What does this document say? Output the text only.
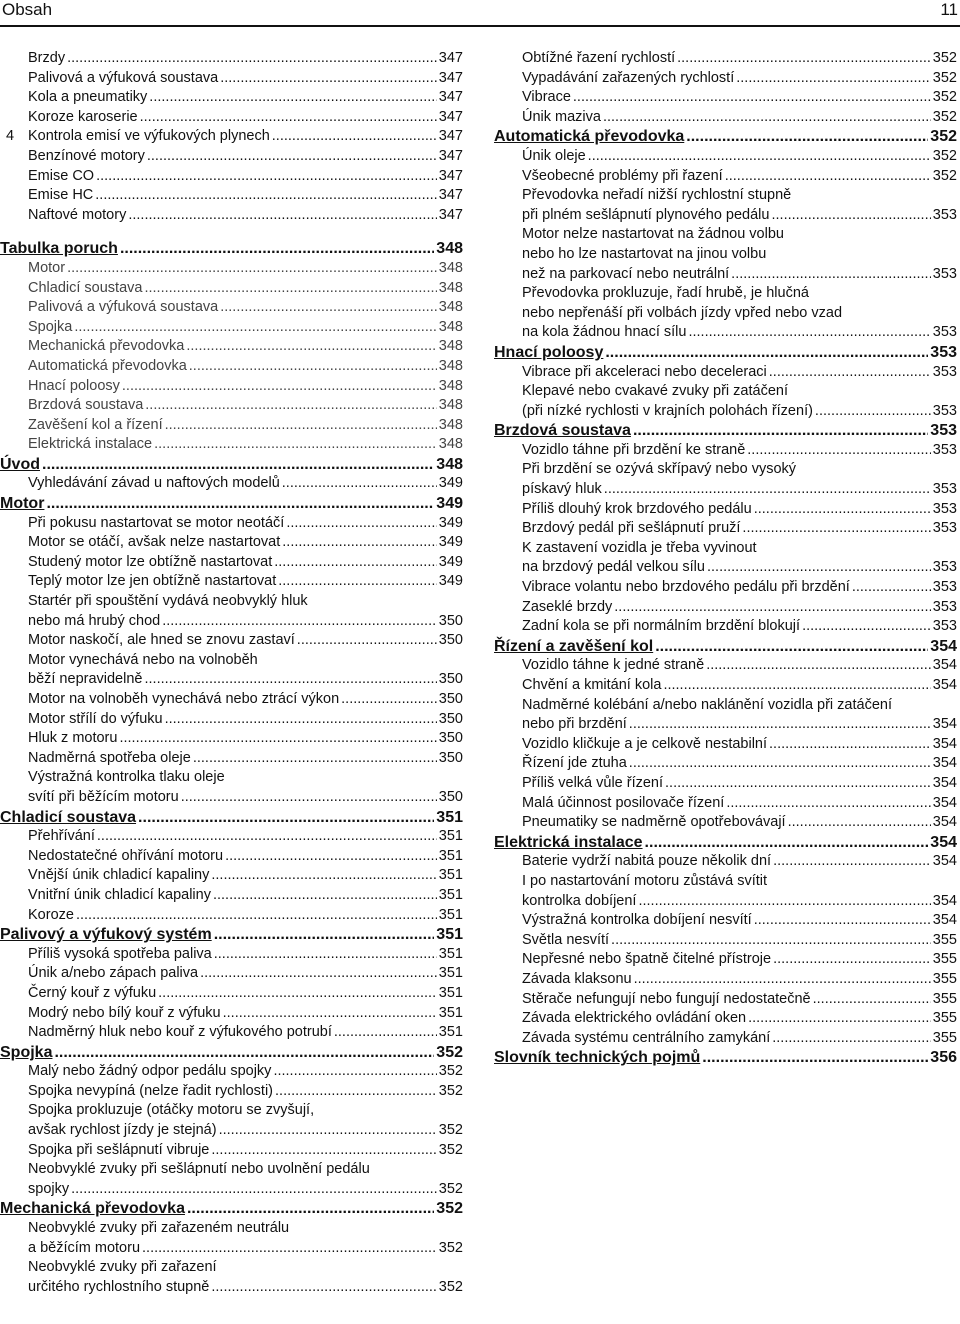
Obsah	11
Brzdy .....	347
Palivová a výfuková soustava .....	347
Kola a pneumatiky .....	347
Koroze karoserie .....	347
4 Kontrola emisí ve výfukových plynech .....	347
Benzínové motory .....	347
Emise CO .....	347
Emise HC .....	347
Naftové motory .....	347
Tabulka poruch .....	348
Motor .....	348
Chladicí soustava .....	348
Palivová a výfuková soustava .....	348
Spojka .....	348
Mechanická převodovka .....	348
Automatická převodovka .....	348
Hnací poloosy .....	348
Brzdová soustava .....	348
Zavěšení kol a řízení .....	348
Elektrická instalace .....	348
Úvod .....	348
Vyhledávání závad u naftových modelů .....	349
Motor .....	349
Při pokusu nastartovat se motor neotáčí .....	349
Motor se otáčí, avšak nelze nastartovat .....	349
Studený motor lze obtížně nastartovat .....	349
Teplý motor lze jen obtížně nastartovat .....	349
Startér při spouštění vydává neobvyklý hluk
nebo má hrubý chod .....	350
Motor naskočí, ale hned se znovu zastaví .....	350
Motor vynechává nebo na volnoběh
běží nepravidelně .....	350
Motor na volnoběh vynechává nebo ztrácí výkon .....	350
Motor střílí do výfuku .....	350
Hluk z motoru .....	350
Nadměrná spotřeba oleje .....	350
Výstražná kontrolka tlaku oleje
svítí při běžícím motoru .....	350
Chladicí soustava .....	351
Přehřívání .....	351
Nedostatečné ohřívání motoru .....	351
Vnější únik chladicí kapaliny .....	351
Vnitřní únik chladicí kapaliny .....	351
Koroze .....	351
Palivový a výfukový systém .....	351
Příliš vysoká spotřeba paliva .....	351
Únik a/nebo zápach paliva .....	351
Černý kouř z výfuku .....	351
Modrý nebo bílý kouř z výfuku .....	351
Nadměrný hluk nebo kouř z výfukového potrubí .....	351
Spojka .....	352
Malý nebo žádný odpor pedálu spojky .....	352
Spojka nevypíná (nelze řadit rychlosti) .....	352
Spojka prokluzuje (otáčky motoru se zvyšují,
avšak rychlost jízdy je stejná) .....	352
Spojka při sešlápnutí vibruje .....	352
Neobvyklé zvuky při sešlápnutí nebo uvolnění pedálu
spojky .....	352
Mechanická převodovka .....	352
Neobvyklé zvuky při zařazeném neutrálu
a běžícím motoru .....	352
Neobvyklé zvuky při zařazení
určitého rychlostního stupně .....	352
Obtížné řazení rychlostí .....	352
Vypadávání zařazených rychlostí .....	352
Vibrace .....	352
Únik maziva .....	352
Automatická převodovka .....	352
Únik oleje .....	352
Všeobecné problémy při řazení .....	352
Převodovka neřadí nižší rychlostní stupně
při plném sešlápnutí plynového pedálu .....	353
Motor nelze nastartovat na žádnou volbu
nebo ho lze nastartovat na jinou volbu
než na parkovací nebo neutrální .....	353
Převodovka prokluzuje, řadí hrubě, je hlučná
nebo nepřenáší při volbách jízdy vpřed nebo vzad
na kola žádnou hnací sílu .....	353
Hnací poloosy .....	353
Vibrace při akceleraci nebo deceleraci .....	353
Klepavé nebo cvakavé zvuky při zatáčení
(při nízké rychlosti v krajních polohách řízení) .....	353
Brzdová soustava .....	353
Vozidlo táhne při brzdění ke straně .....	353
Při brzdění se ozývá skřípavý nebo vysoký
pískavý hluk .....	353
Příliš dlouhý krok brzdového pedálu .....	353
Brzdový pedál při sešlápnutí pruží .....	353
K zastavení vozidla je třeba vyvinout
na brzdový pedál velkou sílu .....	353
Vibrace volantu nebo brzdového pedálu při brzdění .....	353
Zaseklé brzdy .....	353
Zadní kola se při normálním brzdění blokují .....	353
Řízení a zavěšení kol .....	354
Vozidlo táhne k jedné straně .....	354
Chvění a kmitání kola .....	354
Nadměrné kolébání a/nebo naklánění vozidla při zatáčení
nebo při brzdění .....	354
Vozidlo kličkuje a je celkově nestabilní .....	354
Řízení jde ztuha .....	354
Příliš velká vůle řízení .....	354
Malá účinnost posilovače řízení .....	354
Pneumatiky se nadměrně opotřebovávají .....	354
Elektrická instalace .....	354
Baterie vydrží nabitá pouze několik dní .....	354
I po nastartování motoru zůstává svítit
kontrolka dobíjení .....	354
Výstražná kontrolka dobíjení nesvítí .....	354
Světla nesvítí .....	355
Nepřesné nebo špatně čitelné přístroje .....	355
Závada klaksonu .....	355
Stěrače nefungují nebo fungují nedostatečně .....	355
Závada elektrického ovládání oken .....	355
Závada systému centrálního zamykání .....	355
Slovník technických pojmů .....	356
